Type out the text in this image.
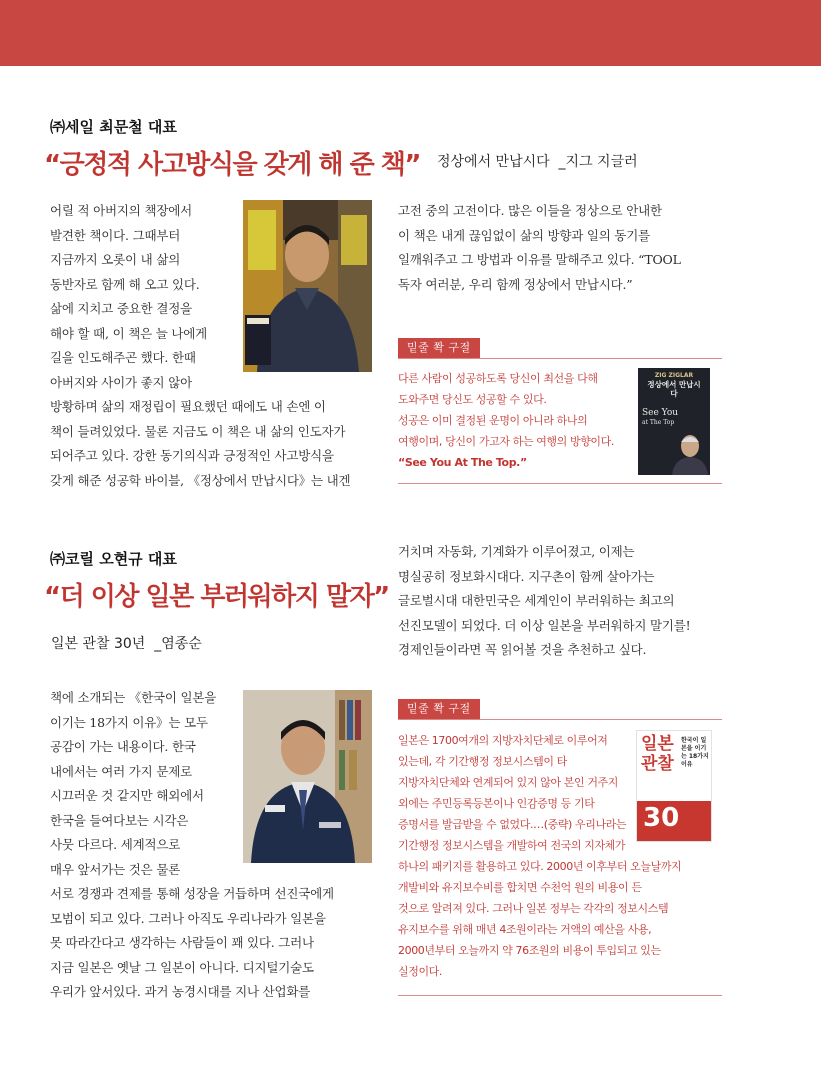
㈜세일 최문철 대표
“긍정적 사고방식을 갖게 해 준 책” 정상에서 만납시다  _지그 지글러
어릴 적 아버지의 책장에서
발견한 책이다. 그때부터
지금까지 오롯이 내 삶의
동반자로 함께 해 오고 있다.
삶에 지치고 중요한 결정을
해야 할 때, 이 책은 늘 나에게
길을 인도해주곤 했다. 한때
아버지와 사이가 좋지 않아
방황하며 삶의 재정립이 필요했던 때에도 내 손엔 이
책이 들려있었다. 물론 지금도 이 책은 내 삶의 인도자가
되어주고 있다. 강한 동기의식과 긍정적인 사고방식을
갖게 해준 성공학 바이블, 《정상에서 만납시다》는 내겐
고전 중의 고전이다. 많은 이들을 정상으로 안내한
이 책은 내게 끊임없이 삶의 방향과 일의 동기를
일깨워주고 그 방법과 이유를 말해주고 있다. “TOOL
독자 여러분, 우리 함께 정상에서 만납시다.”
밑줄 쫙 구절
다른 사람이 성공하도록 당신이 최선을 다해
도와주면 당신도 성공할 수 있다.
성공은 이미 결정된 운명이 아니라 하나의
여행이며, 당신이 가고자 하는 여행의 방향이다.
“See You At The Top.”
ZIG ZIGLAR
정상에서 만납시다
See You
at The Top
㈜코릴 오현규 대표
“더 이상 일본 부러워하지 말자”
일본 관찰 30년  _염종순
거치며 자동화, 기계화가 이루어졌고, 이제는
명실공히 정보화시대다. 지구촌이 함께 살아가는
글로벌시대 대한민국은 세계인이 부러워하는 최고의
선진모델이 되었다. 더 이상 일본을 부러워하지 말기를!
경제인들이라면 꼭 읽어볼 것을 추천하고 싶다.
책에 소개되는 《한국이 일본을
이기는 18가지 이유》는 모두
공감이 가는 내용이다. 한국
내에서는 여러 가지 문제로
시끄러운 것 같지만 해외에서
한국을 들여다보는 시각은
사뭇 다르다. 세계적으로
매우 앞서가는 것은 물론
서로 경쟁과 견제를 통해 성장을 거듭하며 선진국에게
모범이 되고 있다. 그러나 아직도 우리나라가 일본을
못 따라간다고 생각하는 사람들이 꽤 있다. 그러나
지금 일본은 옛날 그 일본이 아니다. 디지털기술도
우리가 앞서있다. 과거 농경시대를 지나 산업화를
밑줄 쫙 구절
일본은 1700여개의 지방자치단체로 이루어져
있는데, 각 기간행정 정보시스템이 타
지방자치단체와 연계되어 있지 않아 본인 거주지
외에는 주민등록등본이나 인감증명 등 기타
증명서를 발급받을 수 없었다.…(중략) 우리나라는
기간행정 정보시스템을 개발하여 전국의 지자체가
하나의 패키지를 활용하고 있다. 2000년 이후부터 오늘날까지
개발비와 유지보수비를 합치면 수천억 원의 비용이 든
것으로 알려져 있다. 그러나 일본 정부는 각각의 정보시스템
유지보수를 위해 매년 4조원이라는 거액의 예산을 사용,
2000년부터 오늘까지 약 76조원의 비용이 투입되고 있는
실정이다.
일본
관찰
한국이 일본을 이기는 18가지 이유
30
